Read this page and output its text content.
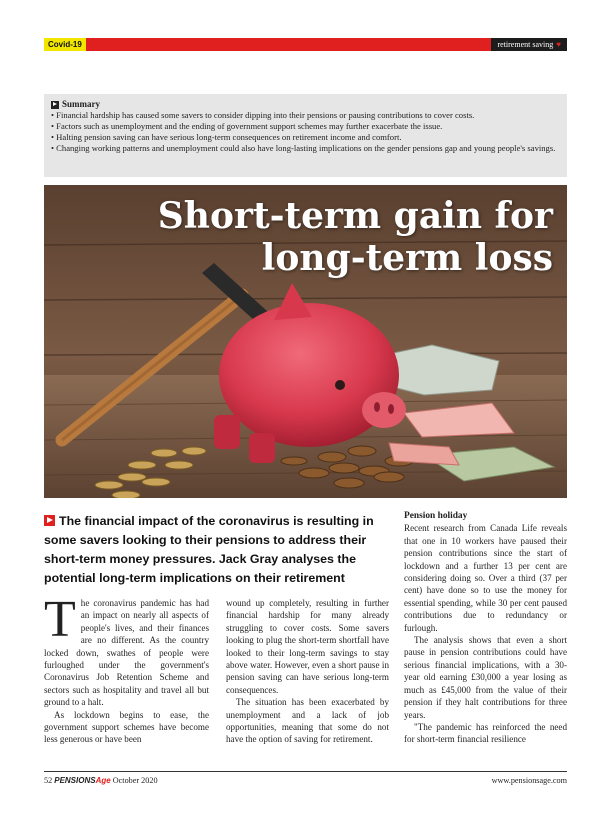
Covid-19	retirement saving ♥
Summary
• Financial hardship has caused some savers to consider dipping into their pensions or pausing contributions to cover costs.
• Factors such as unemployment and the ending of government support schemes may further exacerbate the issue.
• Halting pension saving can have serious long-term consequences on retirement income and comfort.
• Changing working patterns and unemployment could also have long-lasting implications on the gender pensions gap and young people's savings.
Short-term gain for
long-term loss
The financial impact of the coronavirus is resulting in some savers looking to their pensions to address their short-term money pressures. Jack Gray analyses the potential long-term implications on their retirement
T he coronavirus pandemic has had an impact on nearly all aspects of people's lives, and their finances are no different. As the country locked down, swathes of people were furloughed under the government's Coronavirus Job Retention Scheme and sectors such as hospitality and travel all but ground to a halt.

As lockdown begins to ease, the government support schemes have become less generous or have been

wound up completely, resulting in further financial hardship for many already struggling to cover costs. Some savers looking to plug the short-term shortfall have looked to their long-term savings to stay above water. However, even a short pause in pension saving can have serious long-term consequences.

The situation has been exacerbated by unemployment and a lack of job opportunities, meaning that some do not have the option of saving for retirement.

Pension holiday

Recent research from Canada Life reveals that one in 10 workers have paused their pension contributions since the start of lockdown and a further 13 per cent are considering doing so. Over a third (37 per cent) have done so to use the money for essential spending, while 30 per cent paused contributions due to redundancy or furlough.

The analysis shows that even a short pause in pension contributions could have serious financial implications, with a 30-year old earning £30,000 a year losing as much as £45,000 from the value of their pension if they halt contributions for three years.

"The pandemic has reinforced the need for short-term financial resilience

52 PENSIONSAge October 2020	www.pensionsage.com
